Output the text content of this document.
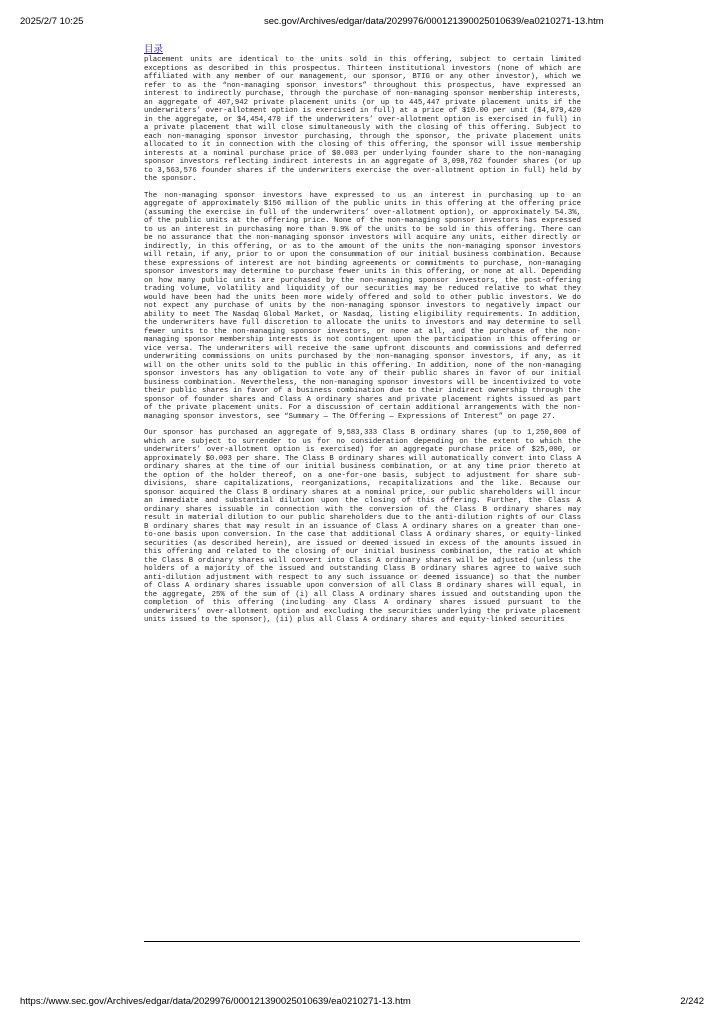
2025/2/7 10:25	sec.gov/Archives/edgar/data/2029976/000121390025010639/ea0210271-13.htm
目录

placement units are identical to the units sold in this offering, subject to certain limited exceptions as described in this prospectus. Thirteen institutional investors (none of which are affiliated with any member of our management, our sponsor, BTIG or any other investor), which we refer to as the “non-managing sponsor investors” throughout this prospectus, have expressed an interest to indirectly purchase, through the purchase of non-managing sponsor membership interests, an aggregate of 407,942 private placement units (or up to 445,447 private placement units if the underwriters’ over-allotment option is exercised in full) at a price of $10.00 per unit ($4,079,420 in the aggregate, or $4,454,470 if the underwriters’ over-allotment option is exercised in full) in a private placement that will close simultaneously with the closing of this offering. Subject to each non-managing sponsor investor purchasing, through the sponsor, the private placement units allocated to it in connection with the closing of this offering, the sponsor will issue membership interests at a nominal purchase price of $0.003 per underlying founder share to the non-managing sponsor investors reflecting indirect interests in an aggregate of 3,098,762 founder shares (or up to 3,563,576 founder shares if the underwriters exercise the over-allotment option in full) held by the sponsor.

The non-managing sponsor investors have expressed to us an interest in purchasing up to an aggregate of approximately $156 million of the public units in this offering at the offering price (assuming the exercise in full of the underwriters’ over-allotment option), or approximately 54.3%, of the public units at the offering price. None of the non-managing sponsor investors has expressed to us an interest in purchasing more than 9.9% of the units to be sold in this offering. There can be no assurance that the non-managing sponsor investors will acquire any units, either directly or indirectly, in this offering, or as to the amount of the units the non-managing sponsor investors will retain, if any, prior to or upon the consummation of our initial business combination. Because these expressions of interest are not binding agreements or commitments to purchase, non-managing sponsor investors may determine to purchase fewer units in this offering, or none at all. Depending on how many public units are purchased by the non-managing sponsor investors, the post-offering trading volume, volatility and liquidity of our securities may be reduced relative to what they would have been had the units been more widely offered and sold to other public investors. We do not expect any purchase of units by the non-managing sponsor investors to negatively impact our ability to meet The Nasdaq Global Market, or Nasdaq, listing eligibility requirements. In addition, the underwriters have full discretion to allocate the units to investors and may determine to sell fewer units to the non-managing sponsor investors, or none at all, and the purchase of the non-managing sponsor membership interests is not contingent upon the participation in this offering or vice versa. The underwriters will receive the same upfront discounts and commissions and deferred underwriting commissions on units purchased by the non-managing sponsor investors, if any, as it will on the other units sold to the public in this offering. In addition, none of the non-managing sponsor investors has any obligation to vote any of their public shares in favor of our initial business combination. Nevertheless, the non-managing sponsor investors will be incentivized to vote their public shares in favor of a business combination due to their indirect ownership through the sponsor of founder shares and Class A ordinary shares and private placement rights issued as part of the private placement units. For a discussion of certain additional arrangements with the non-managing sponsor investors, see “Summary — The Offering — Expressions of Interest” on page 27.

Our sponsor has purchased an aggregate of 9,583,333 Class B ordinary shares (up to 1,250,000 of which are subject to surrender to us for no consideration depending on the extent to which the underwriters’ over-allotment option is exercised) for an aggregate purchase price of $25,000, or approximately $0.003 per share. The Class B ordinary shares will automatically convert into Class A ordinary shares at the time of our initial business combination, or at any time prior thereto at the option of the holder thereof, on a one-for-one basis, subject to adjustment for share sub-divisions, share capitalizations, reorganizations, recapitalizations and the like. Because our sponsor acquired the Class B ordinary shares at a nominal price, our public shareholders will incur an immediate and substantial dilution upon the closing of this offering. Further, the Class A ordinary shares issuable in connection with the conversion of the Class B ordinary shares may result in material dilution to our public shareholders due to the anti-dilution rights of our Class B ordinary shares that may result in an issuance of Class A ordinary shares on a greater than one-to-one basis upon conversion. In the case that additional Class A ordinary shares, or equity-linked securities (as described herein), are issued or deemed issued in excess of the amounts issued in this offering and related to the closing of our initial business combination, the ratio at which the Class B ordinary shares will convert into Class A ordinary shares will be adjusted (unless the holders of a majority of the issued and outstanding Class B ordinary shares agree to waive such anti-dilution adjustment with respect to any such issuance or deemed issuance) so that the number of Class A ordinary shares issuable upon conversion of all Class B ordinary shares will equal, in the aggregate, 25% of the sum of (i) all Class A ordinary shares issued and outstanding upon the completion of this offering (including any Class A ordinary shares issued pursuant to the underwriters’ over-allotment option and excluding the securities underlying the private placement units issued to the sponsor), (ii) plus all Class A ordinary shares and equity-linked securities

https://www.sec.gov/Archives/edgar/data/2029976/000121390025010639/ea0210271-13.htm	2/242
